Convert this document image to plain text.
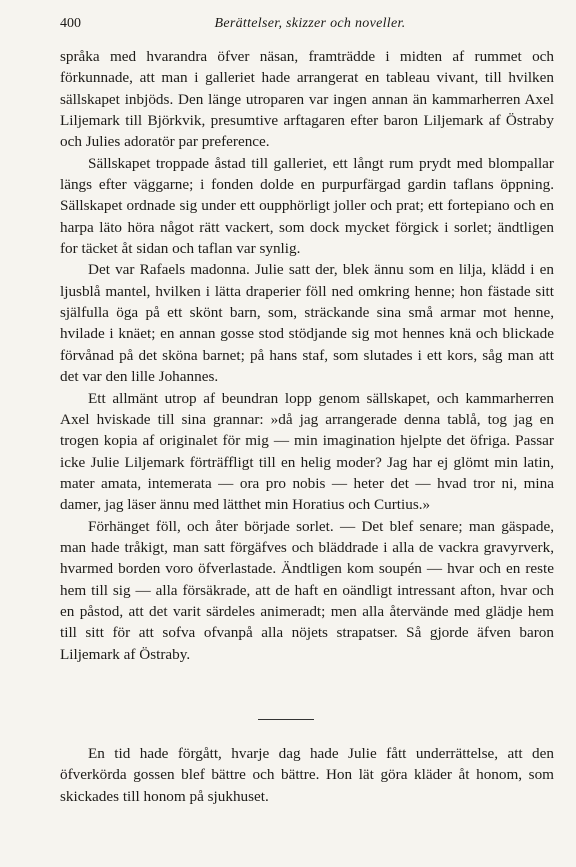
400	Berättelser, skizzer och noveller.

språka med hvarandra öfver näsan, framträdde i midten af rummet och förkunnade, att man i galleriet hade arrangerat en tableau vivant, till hvilken sällskapet inbjöds. Den länge utroparen var ingen annan än kammarherren Axel Liljemark till Björkvik, presumtive arftagaren efter baron Liljemark af Östraby och Julies adoratör par preference.

Sällskapet troppade åstad till galleriet, ett långt rum prydt med blompallar längs efter väggarne; i fonden dolde en purpurfärgad gardin taflans öppning. Sällskapet ordnade sig under ett oupphörligt joller och prat; ett fortepiano och en harpa läto höra något rätt vackert, som dock mycket förgick i sorlet; ändtligen for täcket åt sidan och taflan var synlig.

Det var Rafaels madonna. Julie satt der, blek ännu som en lilja, klädd i en ljusblå mantel, hvilken i lätta draperier föll ned omkring henne; hon fästade sitt själfulla öga på ett skönt barn, som, sträckande sina små armar mot henne, hvilade i knäet; en annan gosse stod stödjande sig mot hennes knä och blickade förvånad på det sköna barnet; på hans staf, som slutades i ett kors, såg man att det var den lille Johannes.

Ett allmänt utrop af beundran lopp genom sällskapet, och kammarherren Axel hviskade till sina grannar: »då jag arrangerade denna tablå, tog jag en trogen kopia af originalet för mig — min imagination hjelpte det öfriga. Passar icke Julie Liljemark förträffligt till en helig moder? Jag har ej glömt min latin, mater amata, intemerata — ora pro nobis — heter det — hvad tror ni, mina damer, jag läser ännu med lätthet min Horatius och Curtius.»

Förhänget föll, och åter började sorlet. — Det blef senare; man gäspade, man hade tråkigt, man satt förgäfves och bläddrade i alla de vackra gravyrverk, hvarmed borden voro öfverlastade. Ändtligen kom soupén — hvar och en reste hem till sig — alla försäkrade, att de haft en oändligt intressant afton, hvar och en påstod, att det varit särdeles animeradt; men alla återvände med glädje hem till sitt för att sofva ofvanpå alla nöjets strapatser. Så gjorde äfven baron Liljemark af Östraby.

En tid hade förgått, hvarje dag hade Julie fått underrättelse, att den öfverkörda gossen blef bättre och bättre. Hon lät göra kläder åt honom, som skickades till honom på sjukhuset.
